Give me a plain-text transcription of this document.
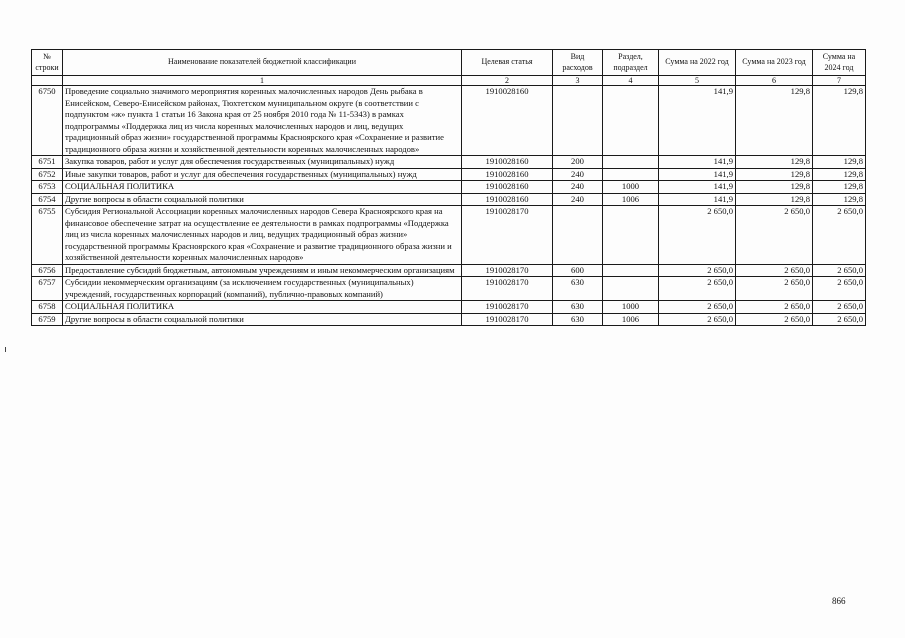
№ строки	Наименование показателей бюджетной классификации	Целевая статья	Вид расходов	Раздел, подраздел	Сумма на 2022 год	Сумма на 2023 год	Сумма на 2024 год
	1	2	3	4	5	6	7
6750	Проведение социально значимого мероприятия коренных малочисленных народов День рыбака в Енисейском, Северо-Енисейском районах, Тюхтетском муниципальном округе (в соответствии с подпунктом «ж» пункта 1 статьи 16 Закона края от 25 ноября 2010 года № 11-5343) в рамках подпрограммы «Поддержка лиц из числа коренных малочисленных народов и лиц, ведущих традиционный образ жизни» государственной программы Красноярского края «Сохранение и развитие традиционного образа жизни и хозяйственной деятельности коренных малочисленных народов»	1910028160			141,9	129,8	129,8
6751	Закупка товаров, работ и услуг для обеспечения государственных (муниципальных) нужд	1910028160	200		141,9	129,8	129,8
6752	Иные закупки товаров, работ и услуг для обеспечения государственных (муниципальных) нужд	1910028160	240		141,9	129,8	129,8
6753	СОЦИАЛЬНАЯ ПОЛИТИКА	1910028160	240	1000	141,9	129,8	129,8
6754	Другие вопросы в области социальной политики	1910028160	240	1006	141,9	129,8	129,8
6755	Субсидия Региональной Ассоциации коренных малочисленных народов Севера Красноярского края на финансовое обеспечение затрат на осуществление ее деятельности в рамках подпрограммы «Поддержка лиц из числа коренных малочисленных народов и лиц, ведущих традиционный образ жизни» государственной программы Красноярского края «Сохранение и развитие традиционного образа жизни и хозяйственной деятельности коренных малочисленных народов»	1910028170			2 650,0	2 650,0	2 650,0
6756	Предоставление субсидий бюджетным, автономным учреждениям и иным некоммерческим организациям	1910028170	600		2 650,0	2 650,0	2 650,0
6757	Субсидии некоммерческим организациям (за исключением государственных (муниципальных) учреждений, государственных корпораций (компаний), публично-правовых компаний)	1910028170	630		2 650,0	2 650,0	2 650,0
6758	СОЦИАЛЬНАЯ ПОЛИТИКА	1910028170	630	1000	2 650,0	2 650,0	2 650,0
6759	Другие вопросы в области социальной политики	1910028170	630	1006	2 650,0	2 650,0	2 650,0
866
